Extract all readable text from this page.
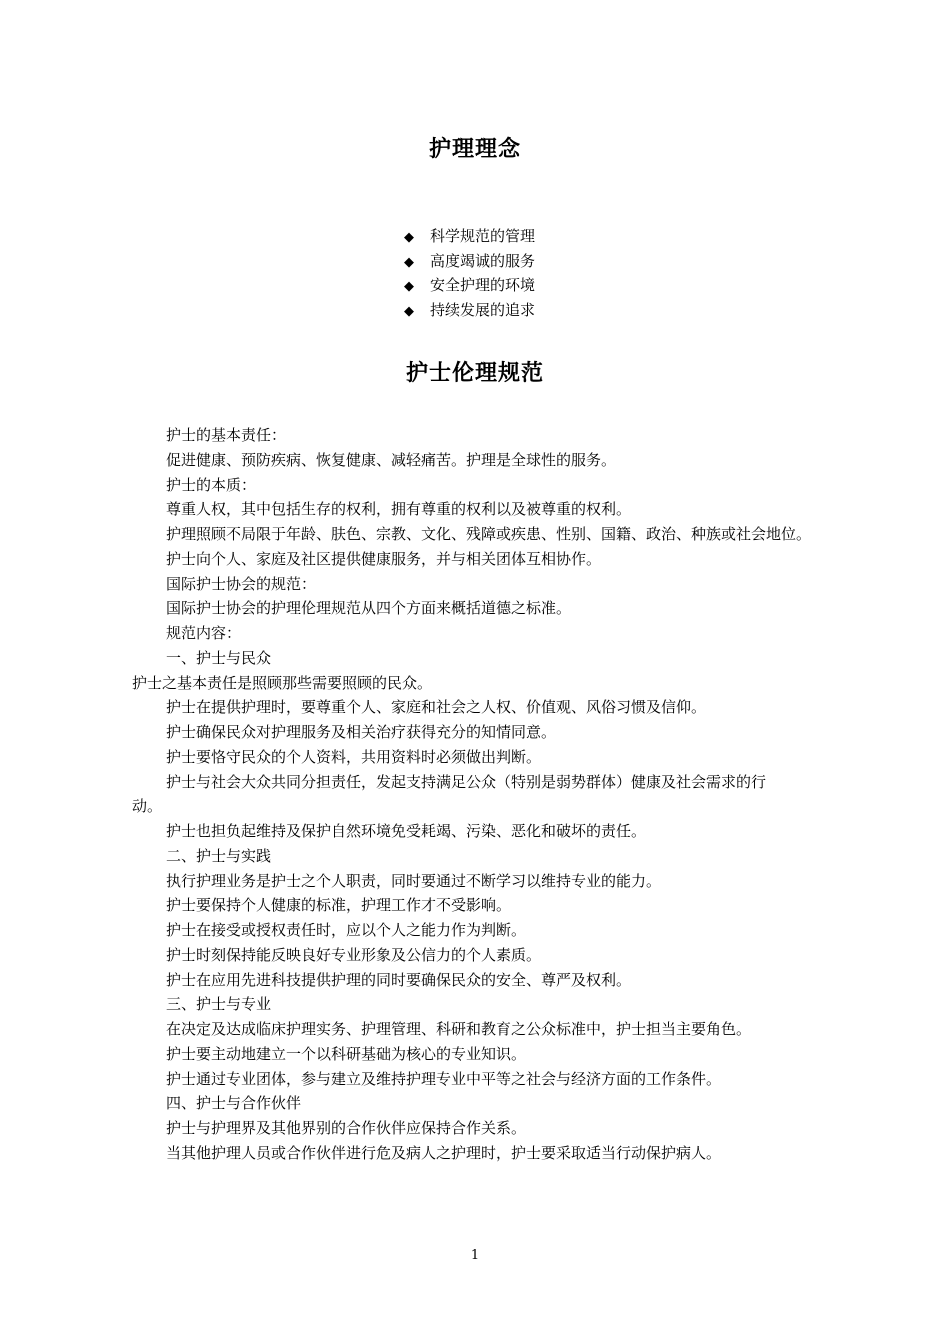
护理理念
◆ 科学规范的管理
◆ 高度竭诚的服务
◆ 安全护理的环境
◆ 持续发展的追求
护士伦理规范
护士的基本责任：
促进健康、预防疾病、恢复健康、减轻痛苦。护理是全球性的服务。
护士的本质：
尊重人权，其中包括生存的权利，拥有尊重的权利以及被尊重的权利。
护理照顾不局限于年龄、肤色、宗教、文化、残障或疾患、性别、国籍、政治、种族或社会地位。
护士向个人、家庭及社区提供健康服务，并与相关团体互相协作。
国际护士协会的规范：
国际护士协会的护理伦理规范从四个方面来概括道德之标准。
规范内容：
一、护士与民众
护士之基本责任是照顾那些需要照顾的民众。
护士在提供护理时，要尊重个人、家庭和社会之人权、价值观、风俗习惯及信仰。
护士确保民众对护理服务及相关治疗获得充分的知情同意。
护士要恪守民众的个人资料，共用资料时必须做出判断。
护士与社会大众共同分担责任，发起支持满足公众（特别是弱势群体）健康及社会需求的行
动。
护士也担负起维持及保护自然环境免受耗竭、污染、恶化和破坏的责任。
二、护士与实践
执行护理业务是护士之个人职责，同时要通过不断学习以维持专业的能力。
护士要保持个人健康的标准，护理工作才不受影响。
护士在接受或授权责任时，应以个人之能力作为判断。
护士时刻保持能反映良好专业形象及公信力的个人素质。
护士在应用先进科技提供护理的同时要确保民众的安全、尊严及权利。
三、护士与专业
在决定及达成临床护理实务、护理管理、科研和教育之公众标准中，护士担当主要角色。
护士要主动地建立一个以科研基础为核心的专业知识。
护士通过专业团体，参与建立及维持护理专业中平等之社会与经济方面的工作条件。
四、护士与合作伙伴
护士与护理界及其他界别的合作伙伴应保持合作关系。
当其他护理人员或合作伙伴进行危及病人之护理时，护士要采取适当行动保护病人。
1
